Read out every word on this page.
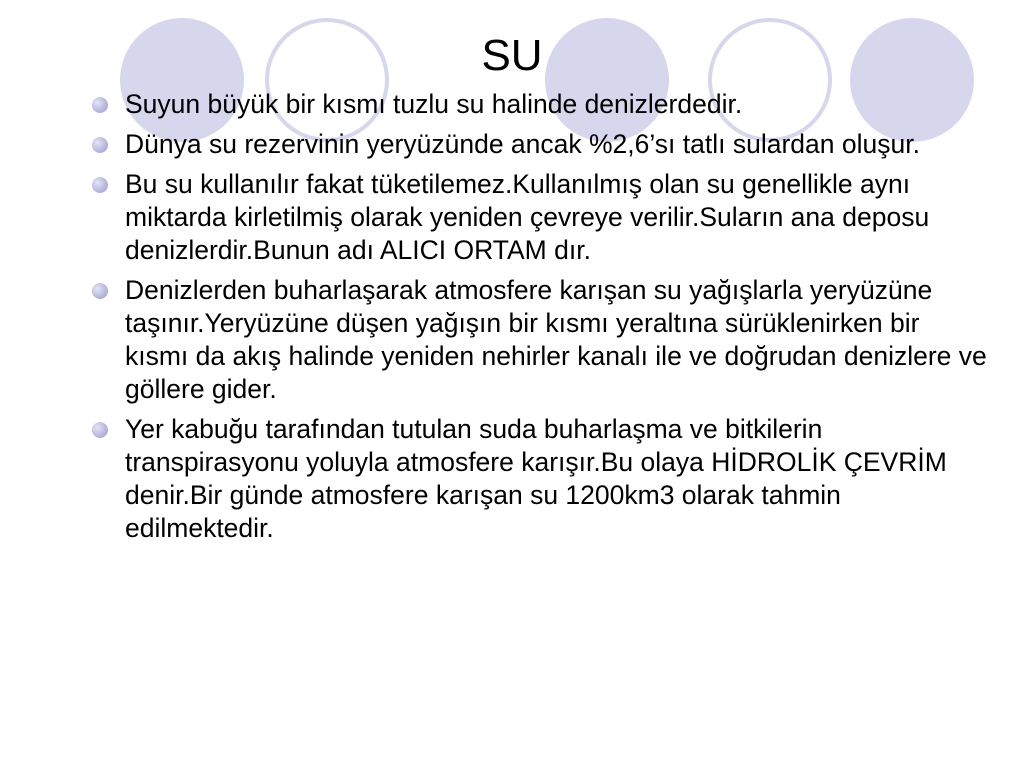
SU
Suyun büyük bir kısmı tuzlu su halinde denizlerdedir.
Dünya su rezervinin yeryüzünde ancak %2,6’sı tatlı sulardan oluşur.
Bu su kullanılır fakat tüketilemez.Kullanılmış olan su genellikle aynı miktarda kirletilmiş olarak yeniden çevreye verilir.Suların ana deposu denizlerdir.Bunun adı ALICI ORTAM dır.
Denizlerden buharlaşarak atmosfere karışan su yağışlarla yeryüzüne taşınır.Yeryüzüne düşen yağışın bir kısmı yeraltına sürüklenirken bir kısmı da akış halinde yeniden nehirler kanalı ile ve doğrudan denizlere ve göllere gider.
Yer kabuğu tarafından tutulan suda buharlaşma ve bitkilerin transpirasyonu yoluyla atmosfere karışır.Bu olaya HİDROLİK ÇEVRİM denir.Bir günde atmosfere karışan su 1200km3 olarak tahmin edilmektedir.
